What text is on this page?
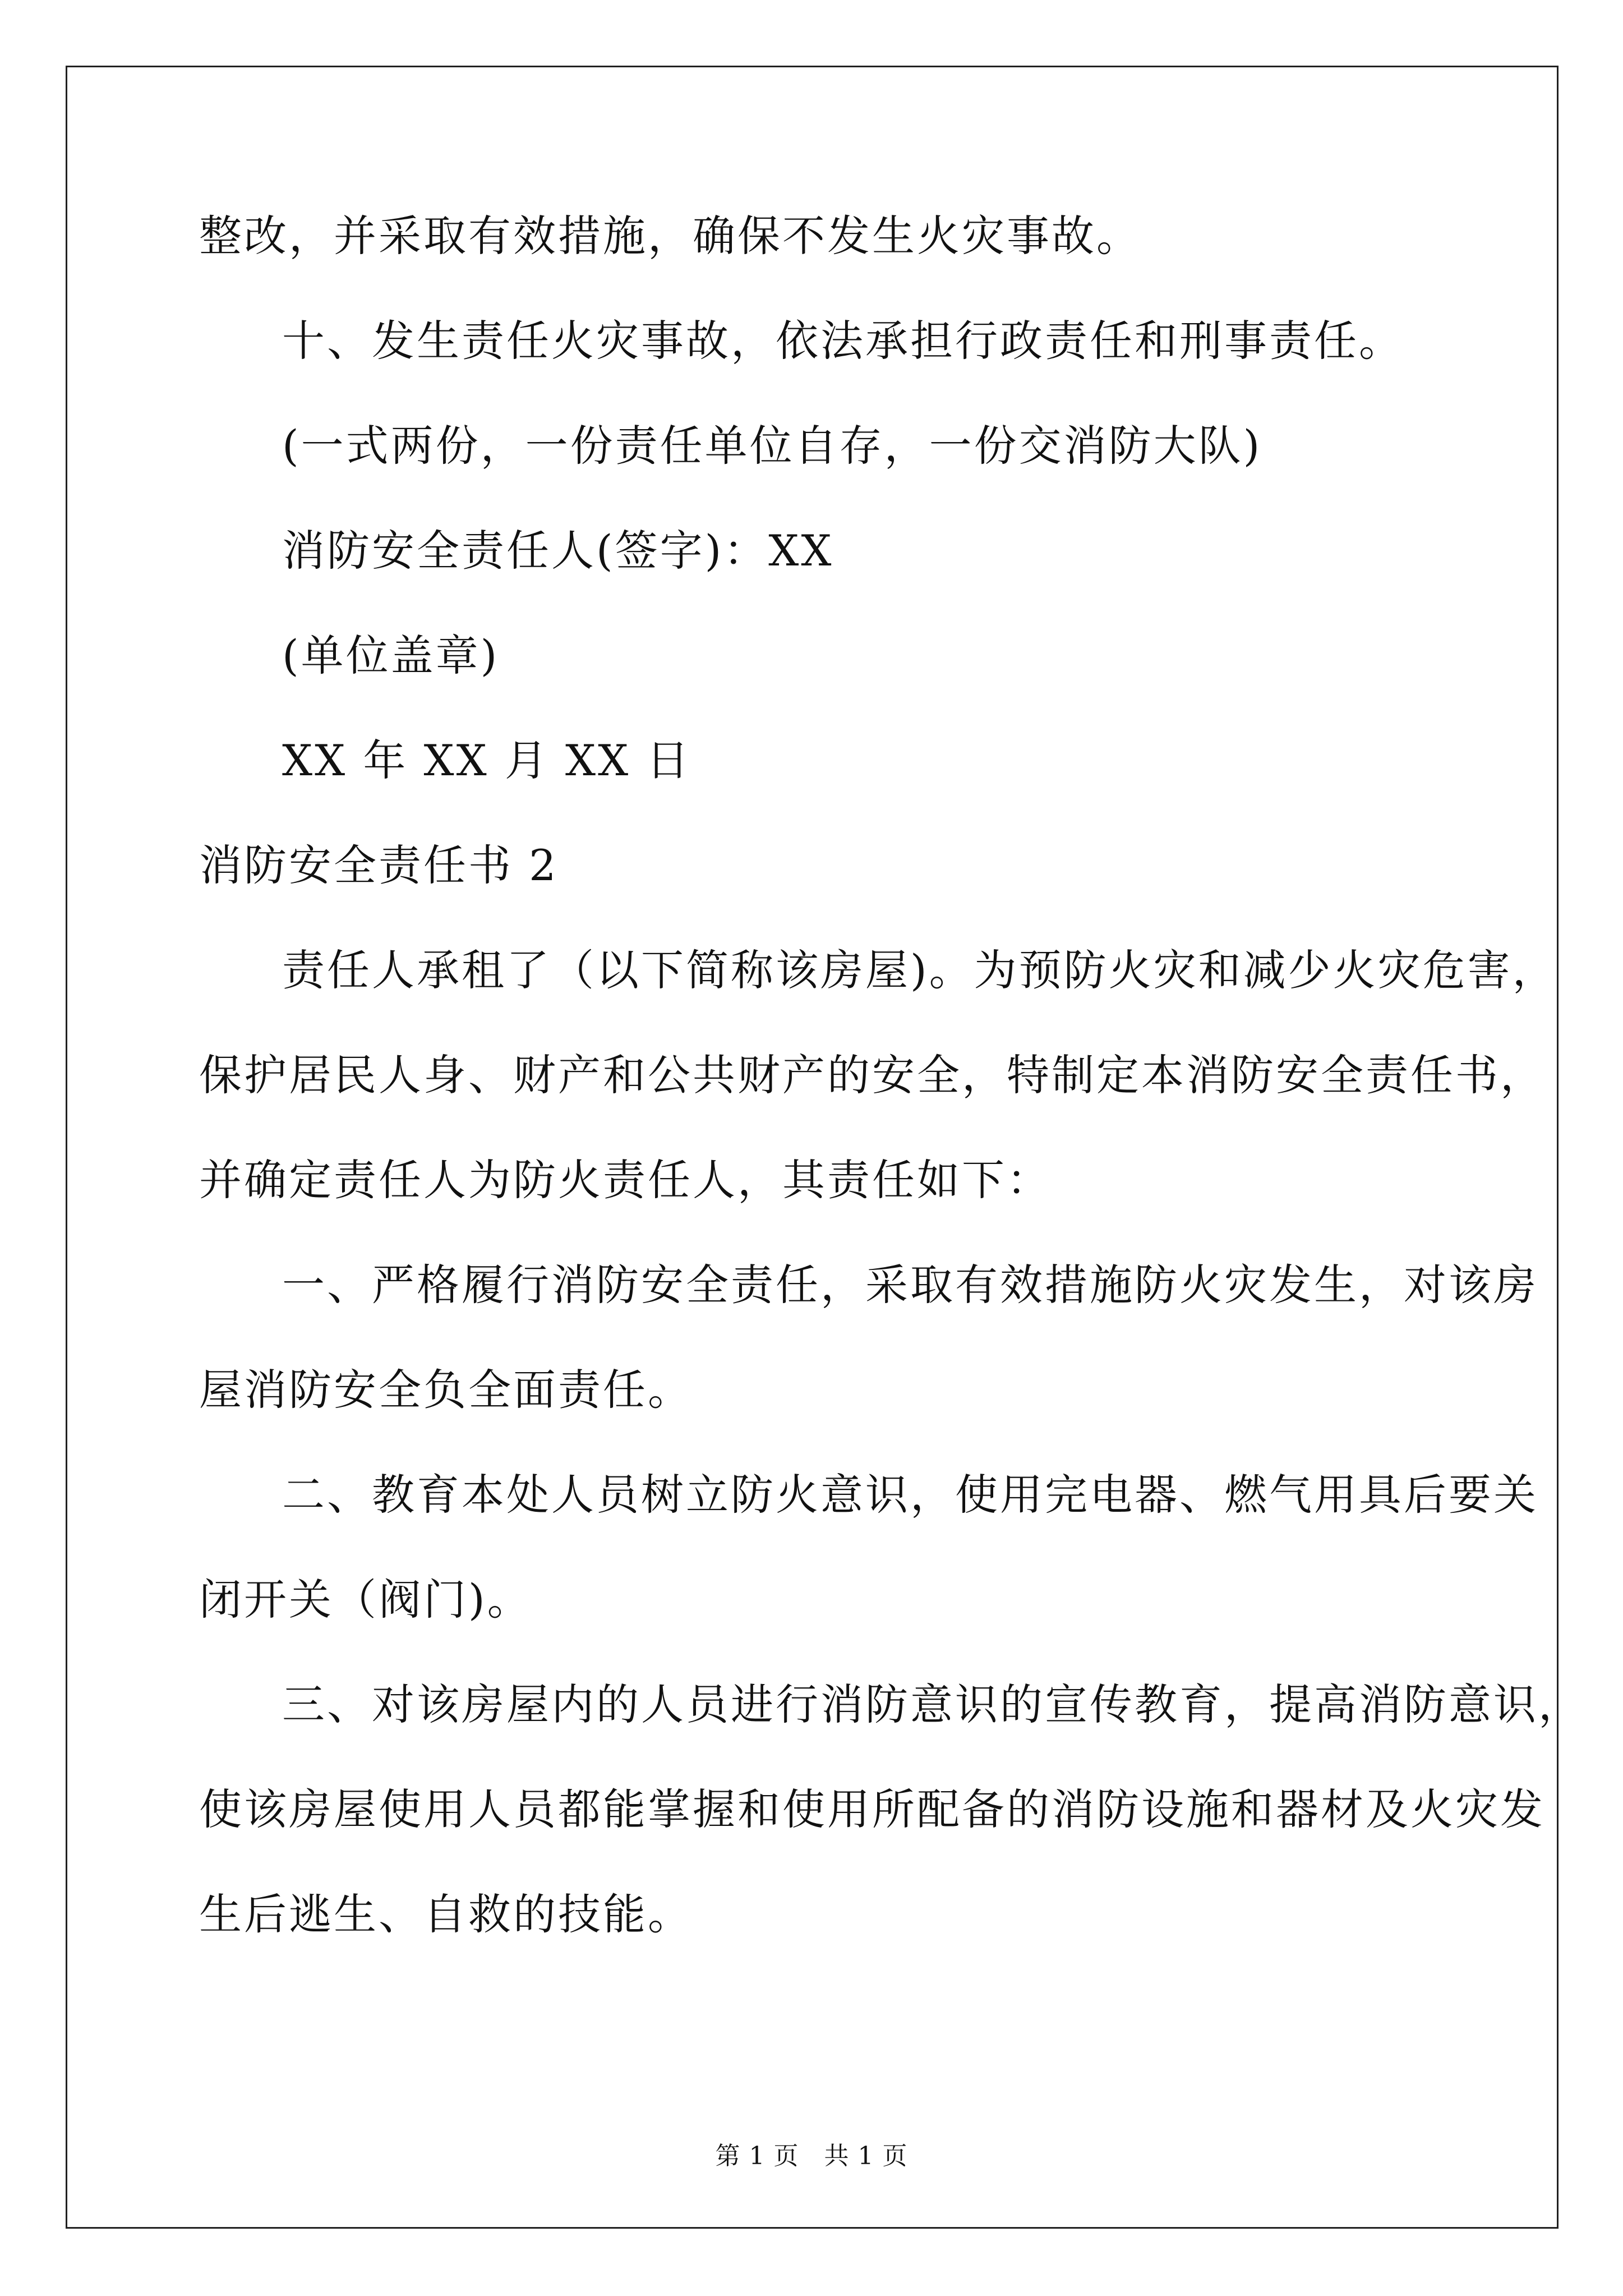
整改，并采取有效措施，确保不发生火灾事故。

十、发生责任火灾事故，依法承担行政责任和刑事责任。

(一式两份，一份责任单位自存，一份交消防大队)

消防安全责任人(签字)：XX

(单位盖章)

XX 年 XX 月 XX 日

消防安全责任书 2

责任人承租了（以下简称该房屋)。为预防火灾和减少火灾危害，

保护居民人身、财产和公共财产的安全，特制定本消防安全责任书，

并确定责任人为防火责任人，其责任如下：

一、严格履行消防安全责任，采取有效措施防火灾发生，对该房

屋消防安全负全面责任。

二、教育本处人员树立防火意识，使用完电器、燃气用具后要关

闭开关（阀门)。

三、对该房屋内的人员进行消防意识的宣传教育，提高消防意识，

使该房屋使用人员都能掌握和使用所配备的消防设施和器材及火灾发

生后逃生、自救的技能。

第 1 页　共 1 页
